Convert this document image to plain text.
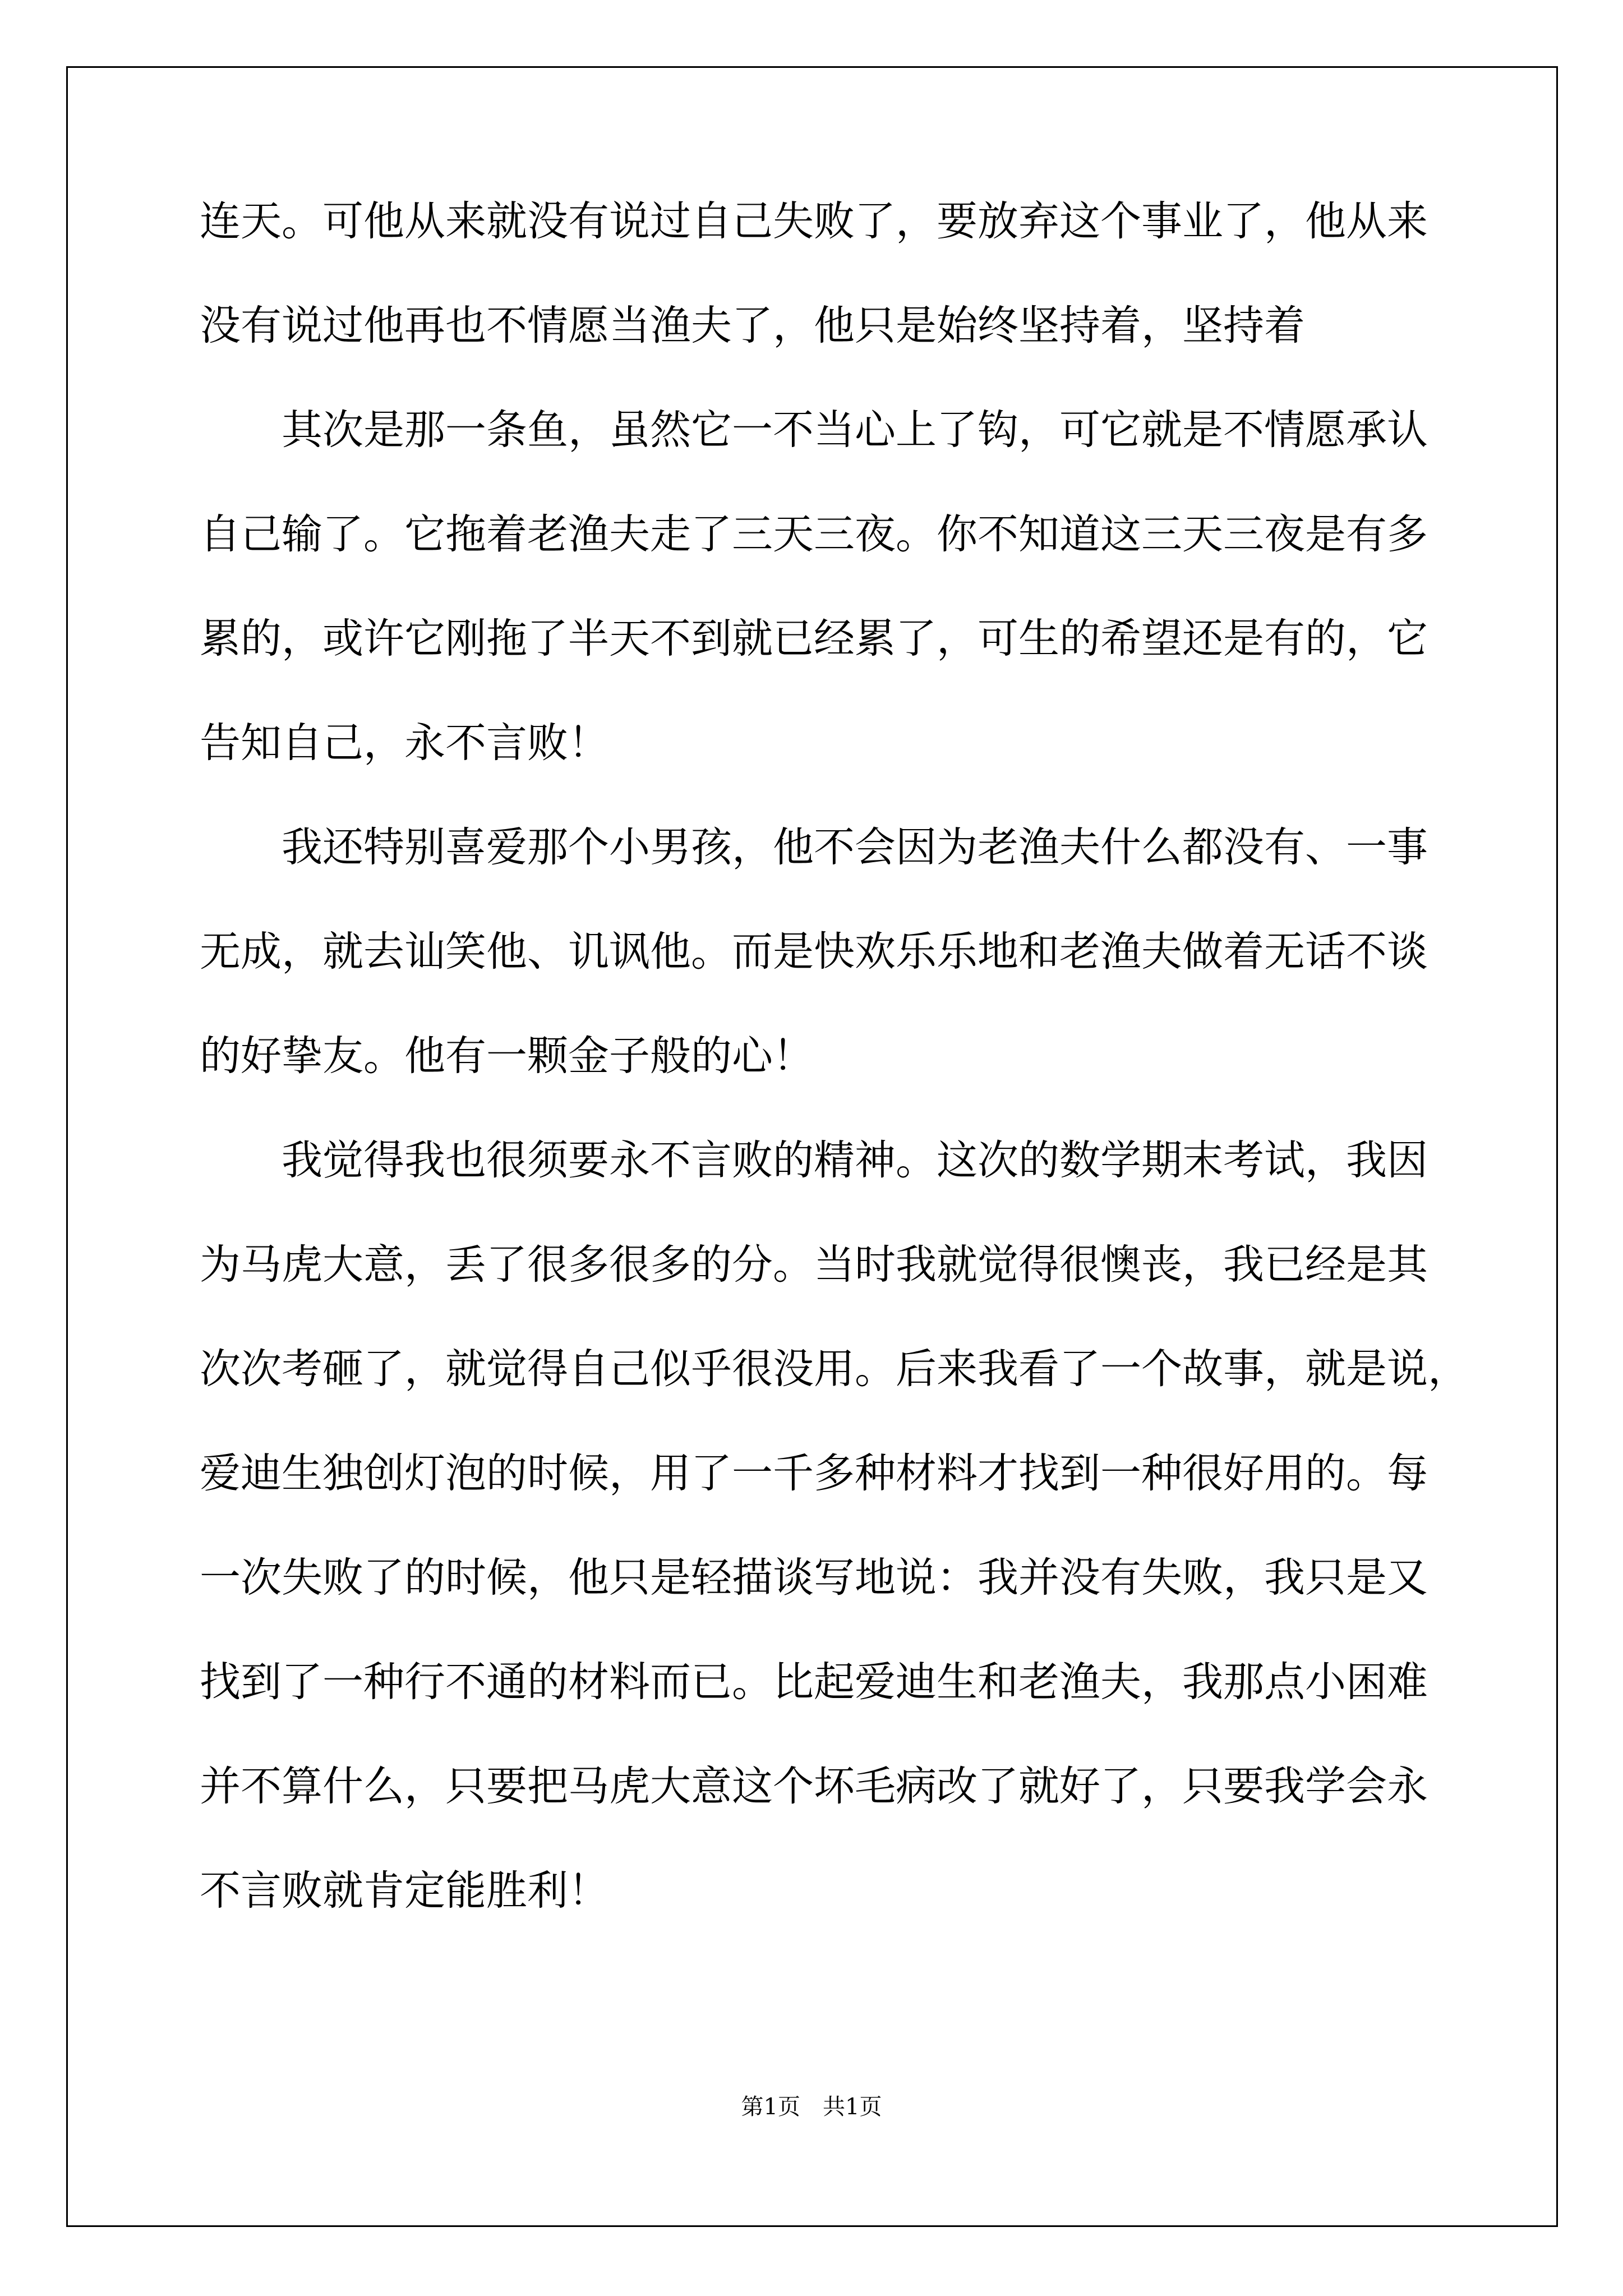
连天。可他从来就没有说过自己失败了，要放弃这个事业了，他从来
没有说过他再也不情愿当渔夫了，他只是始终坚持着，坚持着
其次是那一条鱼，虽然它一不当心上了钩，可它就是不情愿承认
自己输了。它拖着老渔夫走了三天三夜。你不知道这三天三夜是有多
累的，或许它刚拖了半天不到就已经累了，可生的希望还是有的，它
告知自己，永不言败！
我还特别喜爱那个小男孩，他不会因为老渔夫什么都没有、一事
无成，就去讪笑他、讥讽他。而是快欢乐乐地和老渔夫做着无话不谈
的好挚友。他有一颗金子般的心！
我觉得我也很须要永不言败的精神。这次的数学期末考试，我因
为马虎大意，丢了很多很多的分。当时我就觉得很懊丧，我已经是其
次次考砸了，就觉得自己似乎很没用。后来我看了一个故事，就是说，
爱迪生独创灯泡的时候，用了一千多种材料才找到一种很好用的。每
一次失败了的时候，他只是轻描谈写地说：我并没有失败，我只是又
找到了一种行不通的材料而已。比起爱迪生和老渔夫，我那点小困难
并不算什么，只要把马虎大意这个坏毛病改了就好了，只要我学会永
不言败就肯定能胜利！
第1页　共1页
